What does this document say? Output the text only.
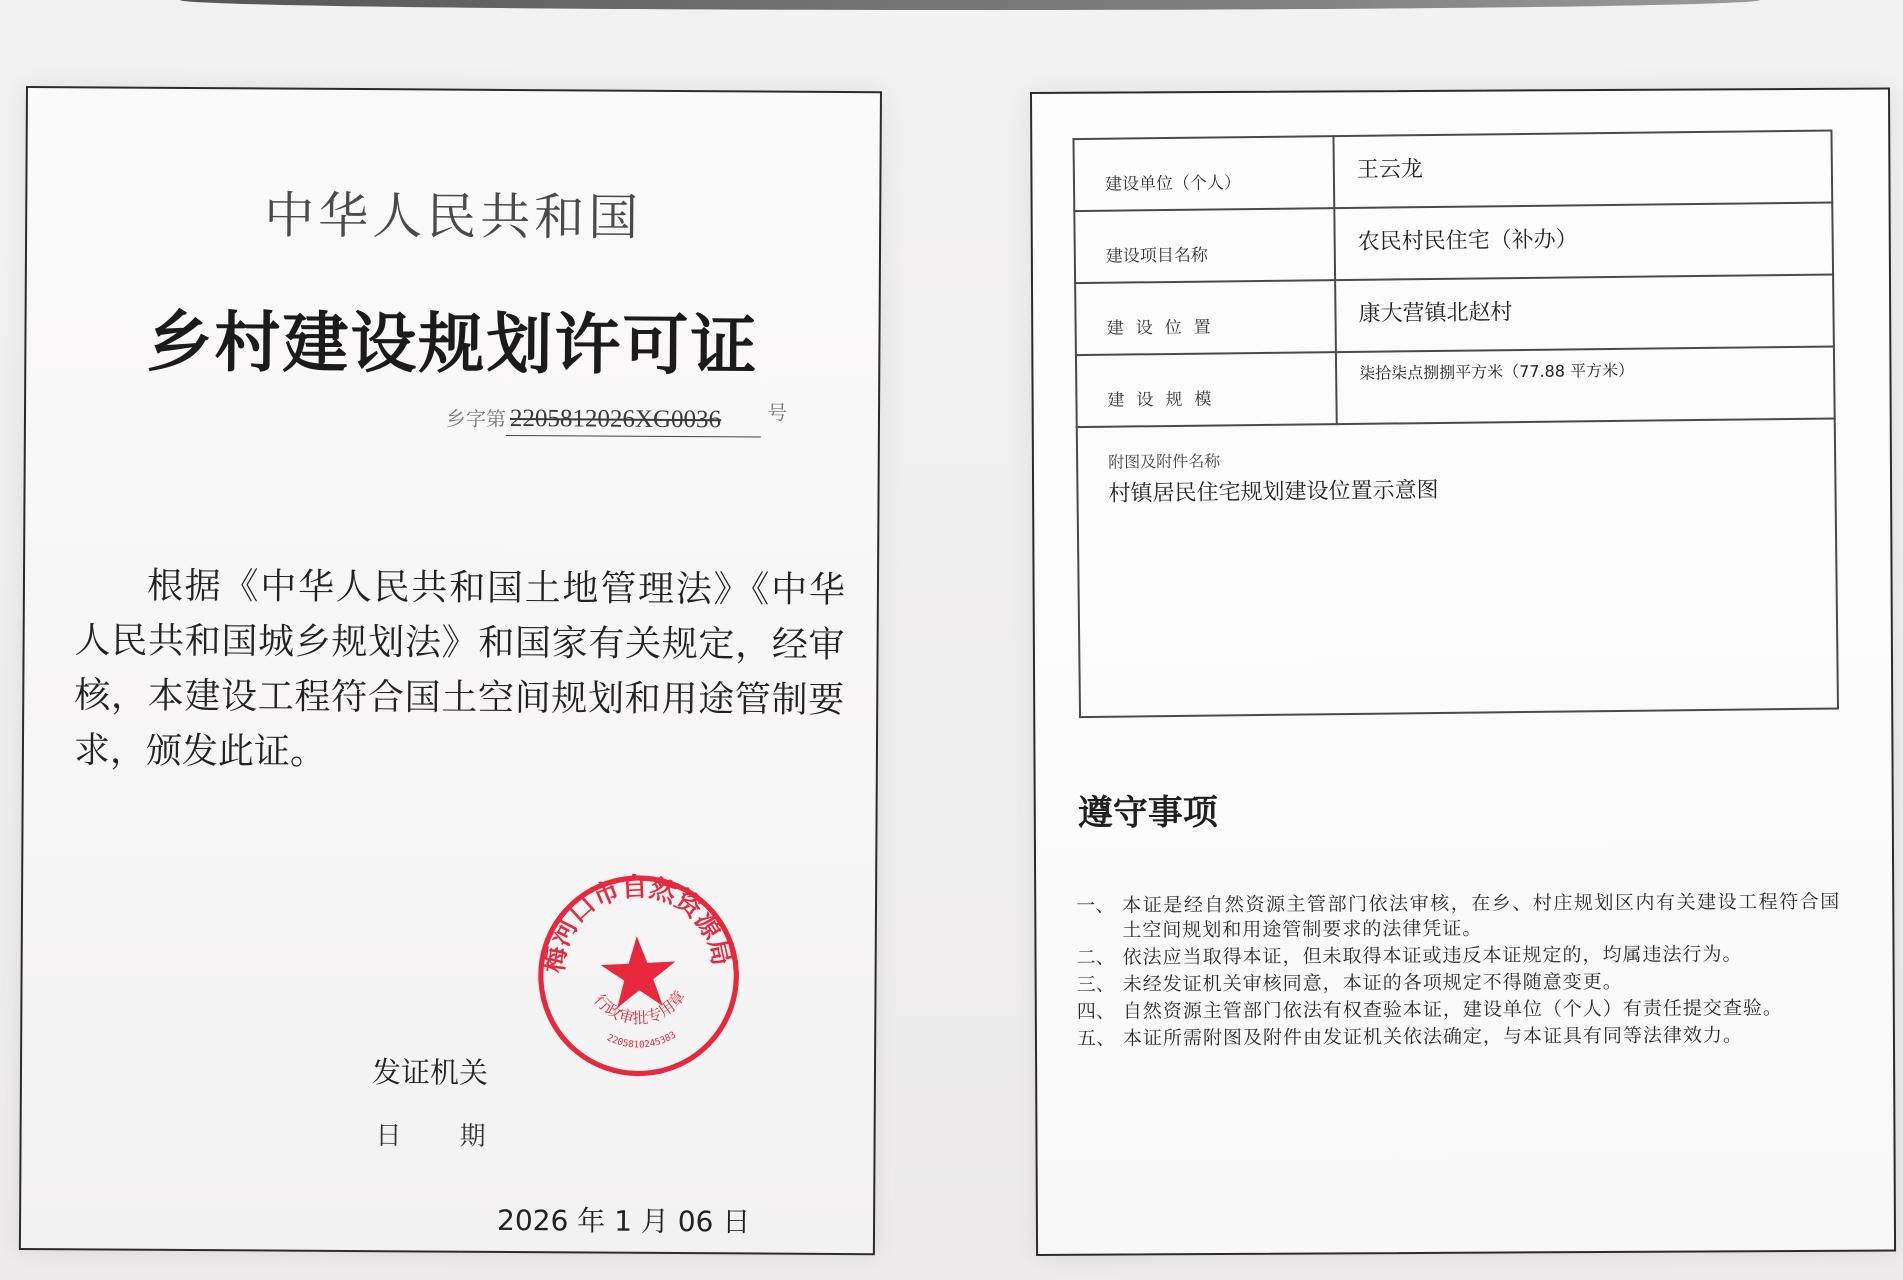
中华人民共和国
乡村建设规划许可证
乡字第 2205812026XG0036 号
根据《中华人民共和国土地管理法》《中华人民共和国城乡规划法》和国家有关规定，经审核，本建设工程符合国土空间规划和用途管制要求，颁发此证。
发证机关
日期
2026 年 1 月 06 日
梅河口市自然资源局
行政审批专用章
2205810245383
建设单位（个人）	王云龙
建设项目名称	农民村民住宅（补办）
建设位置	康大营镇北赵村
建设规模	柒拾柒点捌捌平方米（77.88 平方米）

附图及附件名称
村镇居民住宅规划建设位置示意图	
遵守事项
一、 本证是经自然资源主管部门依法审核，在乡、村庄规划区内有关建设工程符合国土空间规划和用途管制要求的法律凭证。
二、 依法应当取得本证，但未取得本证或违反本证规定的，均属违法行为。
三、 未经发证机关审核同意，本证的各项规定不得随意变更。
四、 自然资源主管部门依法有权查验本证，建设单位（个人）有责任提交查验。
五、 本证所需附图及附件由发证机关依法确定，与本证具有同等法律效力。
